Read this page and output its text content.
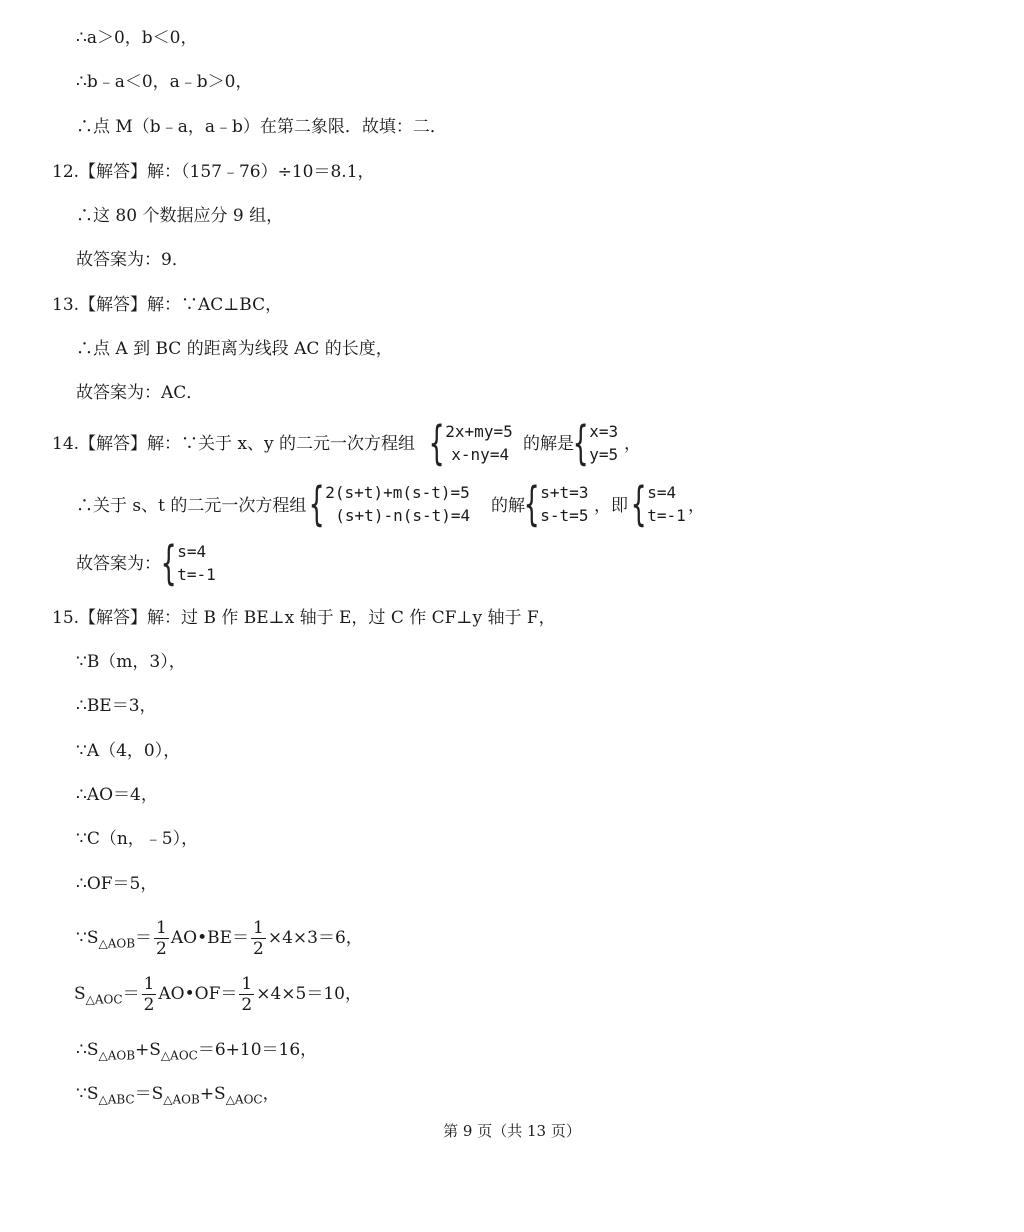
∴a＞0，b＜0，
∴b﹣a＜0，a﹣b＞0，
∴点 M（b﹣a，a﹣b）在第二象限．故填：二．
12.【解答】解：（157﹣76）÷10＝8.1，
∴这 80 个数据应分 9 组，
故答案为：9．
13.【解答】解：∵AC⊥BC，
∴点 A 到 BC 的距离为线段 AC 的长度，
故答案为：AC．
14.【解答】解：∵关于 x、y 的二元一次方程组 { 2x+my=5
x-ny=4
的解是
{ x=3
y=5
，
∴关于 s、t 的二元一次方程组 { 2(s+t)+m(s-t)=5
(s+t)-n(s-t)=4 的解
{ s+t=3
s-t=5 ，即 { s=4
t=-1 ，
故答案为： { s=4
t=-1
15.【解答】解：过 B 作 BE⊥x 轴于 E，过 C 作 CF⊥y 轴于 F，
∵B（m，3），
∴BE＝3，
∵A（4，0），
∴AO＝4，
∵C（n，﹣5），
∴OF＝5，
$\because S_{\triangle AOB}= \frac{1}{2}$ AO•BE＝ $\frac{1}{2} \times 4\times 3=6$，
$S_{\triangle AOC}= \frac{1}{2}$ AO•OF＝ $\frac{1}{2} \times 4\times 5=10$，
$\therefore S_{\triangle AOB}+S_{\triangle AOC}=6+10=16$，
$\because S_{\triangle ABC}=S_{\triangle AOB}+S_{\triangle AOC}$，
第 9 页（共 13 页）
